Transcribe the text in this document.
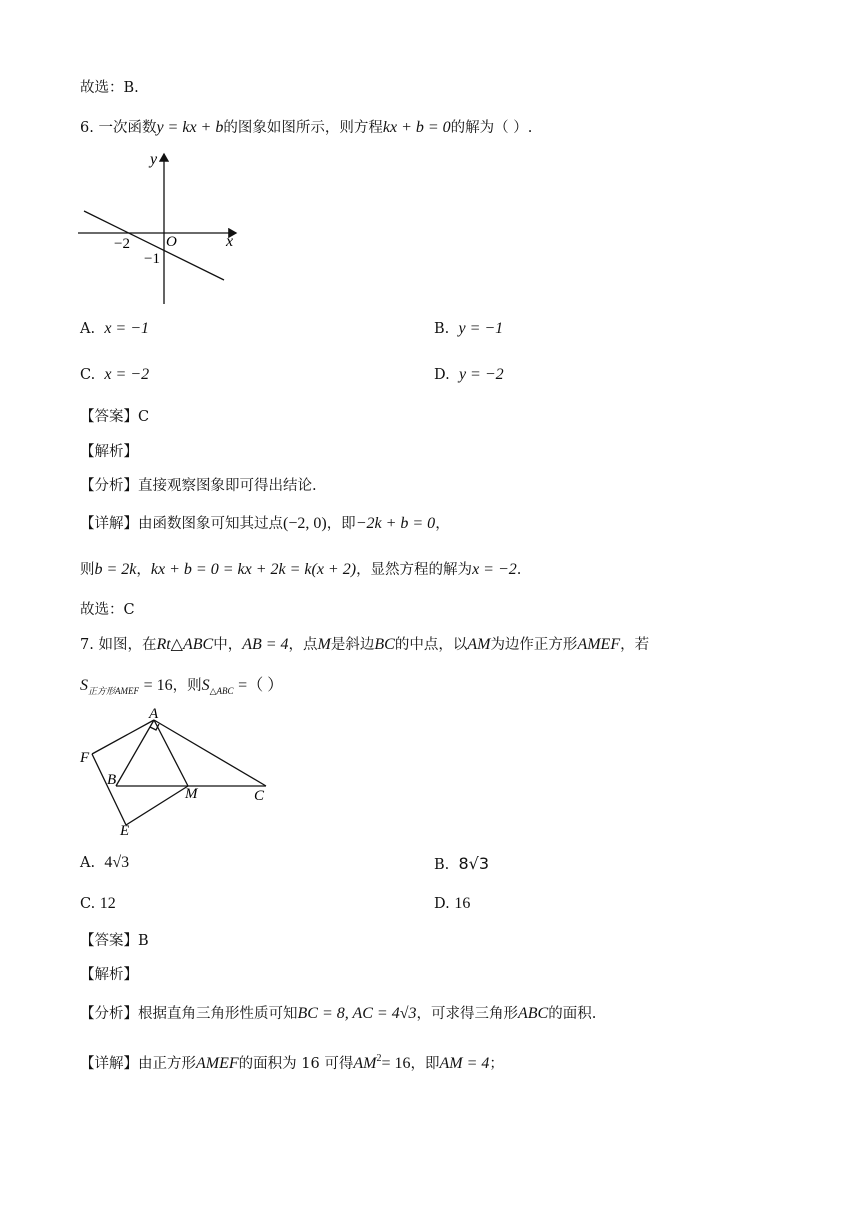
故选：B.
6. 一次函数y = kx + b的图象如图所示，则方程kx + b = 0的解为（ ）.
y
x
O
−2
−1
A. x = −1	B. y = −1
C. x = −2	D. y = −2
【答案】C
【解析】
【分析】直接观察图象即可得出结论.
【详解】由函数图象可知其过点(−2, 0)，即−2k + b = 0，
则b = 2k，kx + b = 0 = kx + 2k = k(x + 2)，显然方程的解为x = −2.
故选：C
7. 如图，在Rt△ABC中，AB = 4，点M是斜边BC的中点，以AM为边作正方形AMEF，若
$S_{正方形AMEF} = 16$，则$S_{\triangle ABC}$ =（ ）
A
F
B
M	C
E
A. 4√3	B. 8√3
C. 12	D. 16
【答案】B
【解析】
【分析】根据直角三角形性质可知BC = 8, AC = 4√3，可求得三角形ABC的面积.
【详解】由正方形AMEF的面积为 16 可得$AM^2= 16$，即AM = 4；
